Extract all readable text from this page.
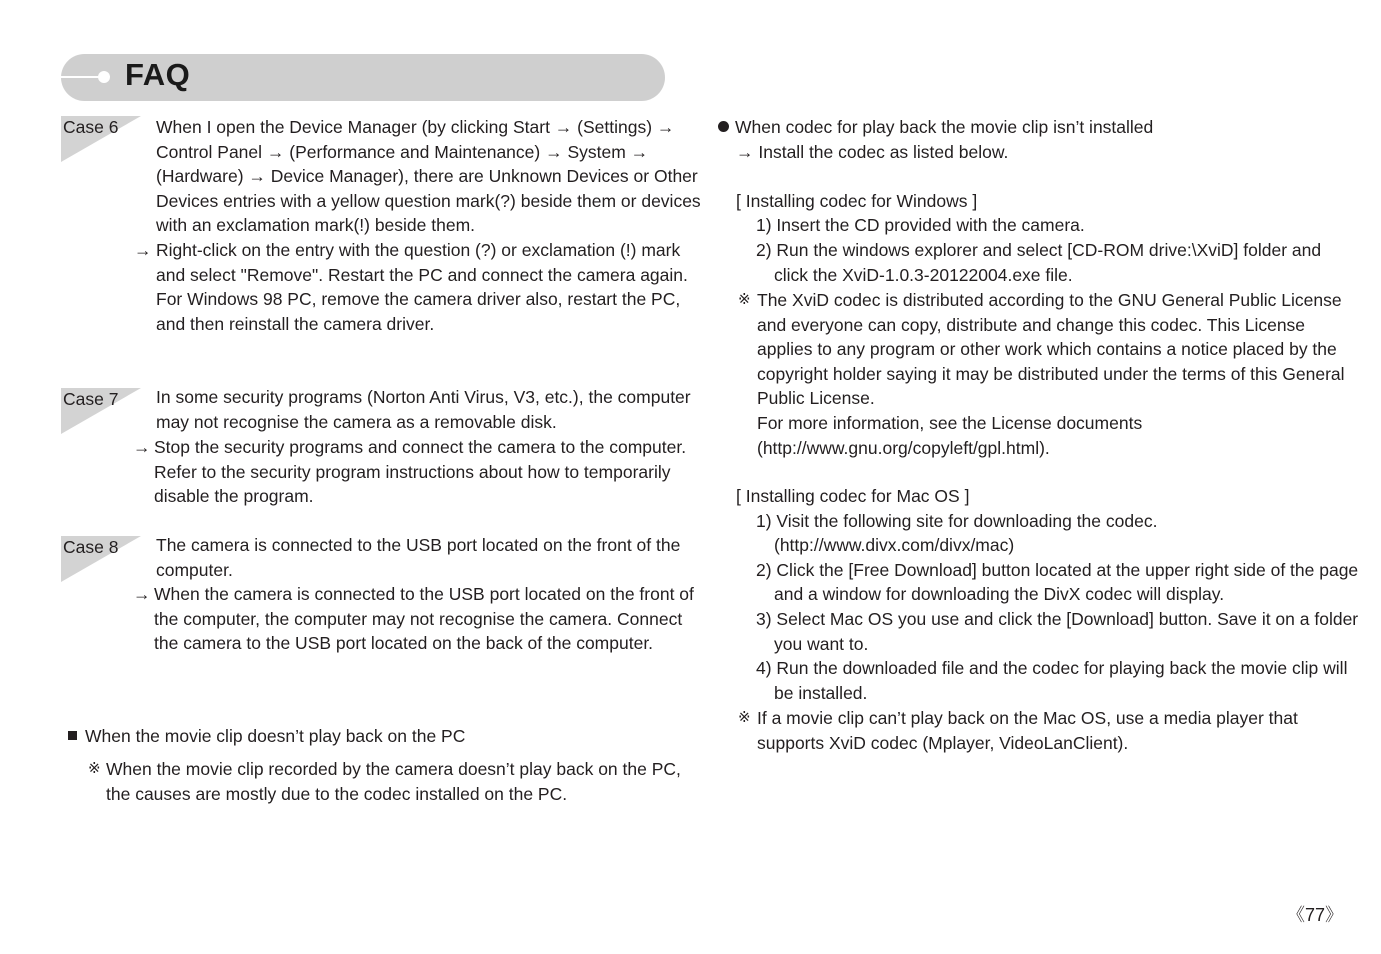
FAQ
Case 6 When I open the Device Manager (by clicking Start → (Settings) →
Control Panel → (Performance and Maintenance) → System →
(Hardware) → Device Manager), there are Unknown Devices or Other
Devices entries with a yellow question mark(?) beside them or devices
with an exclamation mark(!) beside them.
→ Right-click on the entry with the question (?) or exclamation (!) mark
and select "Remove". Restart the PC and connect the camera again.
For Windows 98 PC, remove the camera driver also, restart the PC,
and then reinstall the camera driver.
Case 7 In some security programs (Norton Anti Virus, V3, etc.), the computer
may not recognise the camera as a removable disk.
→ Stop the security programs and connect the camera to the computer.
Refer to the security program instructions about how to temporarily
disable the program.
Case 8 The camera is connected to the USB port located on the front of the
computer.
→ When the camera is connected to the USB port located on the front of
the computer, the computer may not recognise the camera. Connect
the camera to the USB port located on the back of the computer.
When the movie clip doesn’t play back on the PC
※ When the movie clip recorded by the camera doesn’t play back on the PC,
the causes are mostly due to the codec installed on the PC.
When codec for play back the movie clip isn’t installed
→ Install the codec as listed below.
[ Installing codec for Windows ]
1) Insert the CD provided with the camera.
2) Run the windows explorer and select [CD-ROM drive:\XviD] folder and
click the XviD-1.0.3-20122004.exe file.
※ The XviD codec is distributed according to the GNU General Public License
and everyone can copy, distribute and change this codec. This License
applies to any program or other work which contains a notice placed by the
copyright holder saying it may be distributed under the terms of this General
Public License.
For more information, see the License documents
(http://www.gnu.org/copyleft/gpl.html).
[ Installing codec for Mac OS ]
1) Visit the following site for downloading the codec.
(http://www.divx.com/divx/mac)
2) Click the [Free Download] button located at the upper right side of the page
and a window for downloading the DivX codec will display.
3) Select Mac OS you use and click the [Download] button. Save it on a folder
you want to.
4) Run the downloaded file and the codec for playing back the movie clip will
be installed.
※ If a movie clip can’t play back on the Mac OS, use a media player that
supports XviD codec (Mplayer, VideoLanClient).
《77》
